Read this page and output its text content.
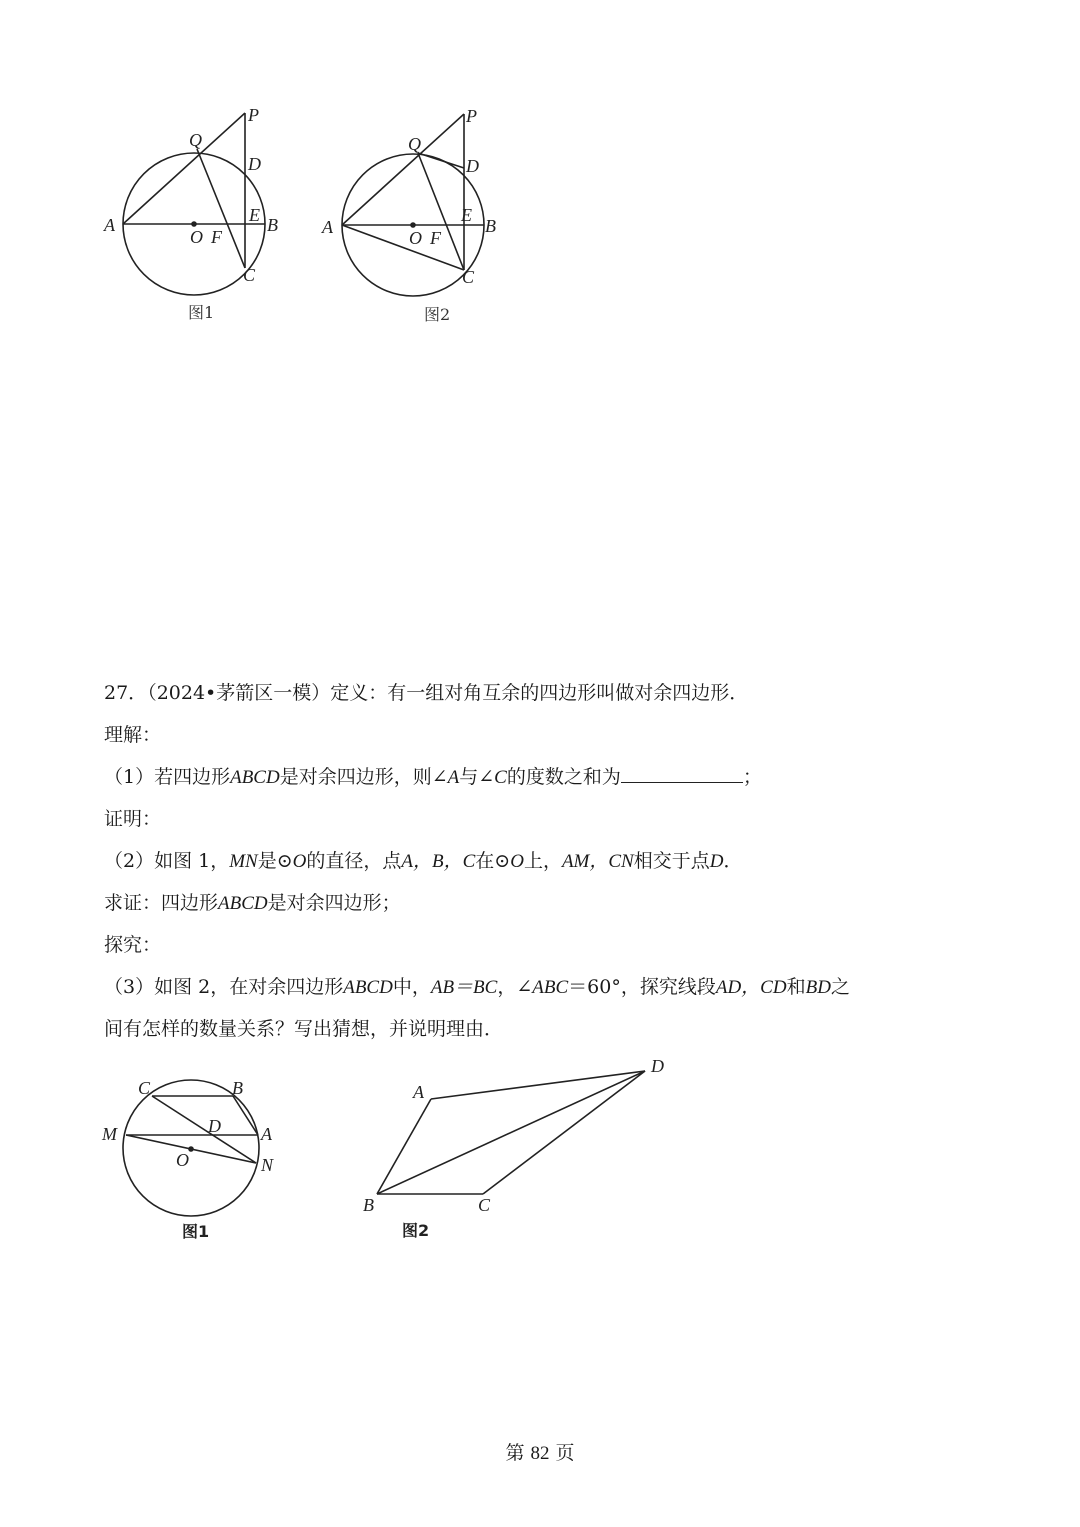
P
Q
D
A
O F
E B
C
图1
P
Q
D
A
O F
E
B
C
图2
27．（2024•茅箭区一模）定义：有一组对角互余的四边形叫做对余四边形．
理解：
（1）若四边形ABCD是对余四边形，则∠A与∠C的度数之和为	；
证明：
（2）如图 1，MN是⊙O的直径，点A，B，C在⊙O上，AM，CN相交于点D．
求证：四边形ABCD是对余四边形；
探究：
（3）如图 2，在对余四边形ABCD中，AB＝BC，∠ABC＝60°，探究线段AD，CD和BD之
间有怎样的数量关系？写出猜想，并说明理由．
C	B
M	D A
O	N
图1
A
D
B	C
图2
第 82 页
